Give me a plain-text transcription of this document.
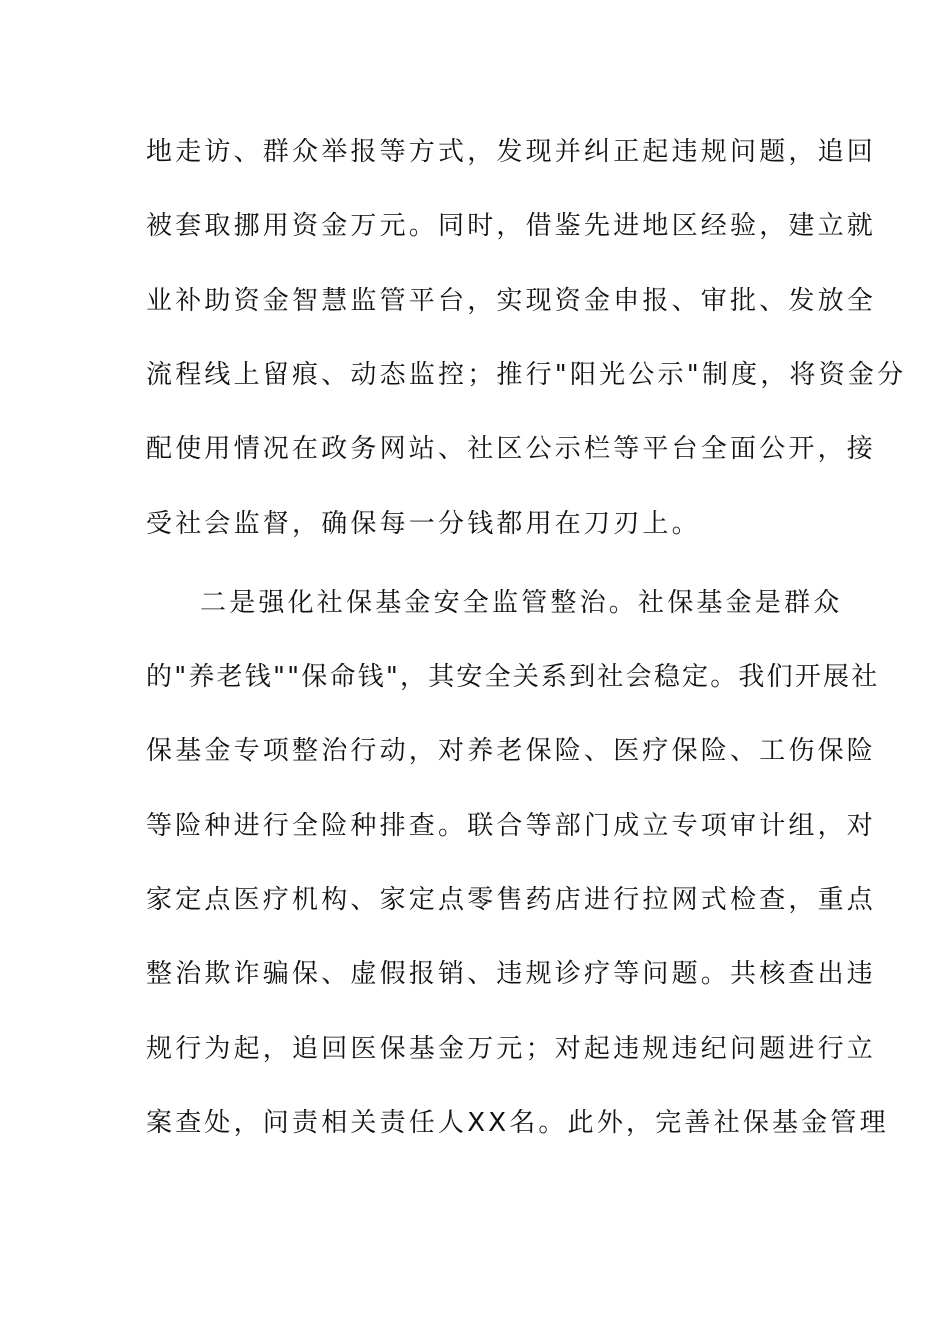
地走访、群众举报等方式，发现并纠正起违规问题，追回
被套取挪用资金万元。同时，借鉴先进地区经验，建立就
业补助资金智慧监管平台，实现资金申报、审批、发放全
流程线上留痕、动态监控；推行"阳光公示"制度，将资金分
配使用情况在政务网站、社区公示栏等平台全面公开，接
受社会监督，确保每一分钱都用在刀刃上。
二是强化社保基金安全监管整治。社保基金是群众
的"养老钱""保命钱"，其安全关系到社会稳定。我们开展社
保基金专项整治行动，对养老保险、医疗保险、工伤保险
等险种进行全险种排查。联合等部门成立专项审计组，对
家定点医疗机构、家定点零售药店进行拉网式检查，重点
整治欺诈骗保、虚假报销、违规诊疗等问题。共核查出违
规行为起，追回医保基金万元；对起违规违纪问题进行立
案查处，问责相关责任人XX名。此外，完善社保基金管理
